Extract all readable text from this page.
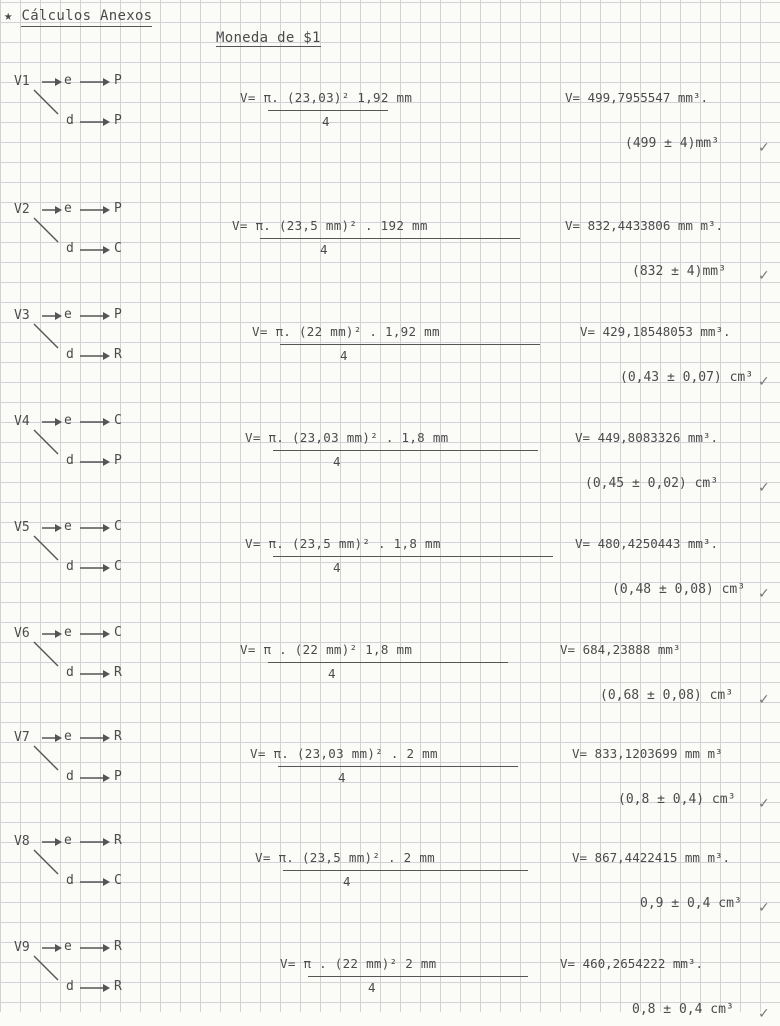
★ Cálculos Anexos
Moneda de $1
V1	e	P
d	P
V= π. (23,03)² 1,92 mm
4
V= 499,7955547 mm³.
(499 ± 4)mm³	✓
V2	e	P
d	C
V= π. (23,5 mm)² . 192 mm
4
V= 832,4433806 mm m³.
(832 ± 4)mm³ ✓
V3	e	P
d	R
V= π. (22 mm)² . 1,92 mm
4
V= 429,18548053 mm³.
(0,43 ± 0,07) cm³ ✓
V4	e	C
d	P
V= π. (23,03 mm)² . 1,8 mm
4
V= 449,8083326 mm³.
(0,45 ± 0,02) cm³	✓
V5	e	C
d	C
V= π. (23,5 mm)² . 1,8 mm
4
V= 480,4250443 mm³.
(0,48 ± 0,08) cm³ ✓
V6	e	C
d	R
V= π . (22 mm)² 1,8 mm
4
V= 684,23888 mm³
(0,68 ± 0,08) cm³ ✓
V7	e	R
d	P
V= π. (23,03 mm)² . 2 mm
4
V= 833,1203699 mm m³
(0,8 ± 0,4) cm³ ✓
V8	e	R
d	C
V= π. (23,5 mm)² . 2 mm
4
V= 867,4422415 mm m³.
0,9 ± 0,4 cm³ ✓
V9	e	R
d	R
V= π . (22 mm)² 2 mm
4
V= 460,2654222 mm³.
0,8 ± 0,4 cm³ ✓
